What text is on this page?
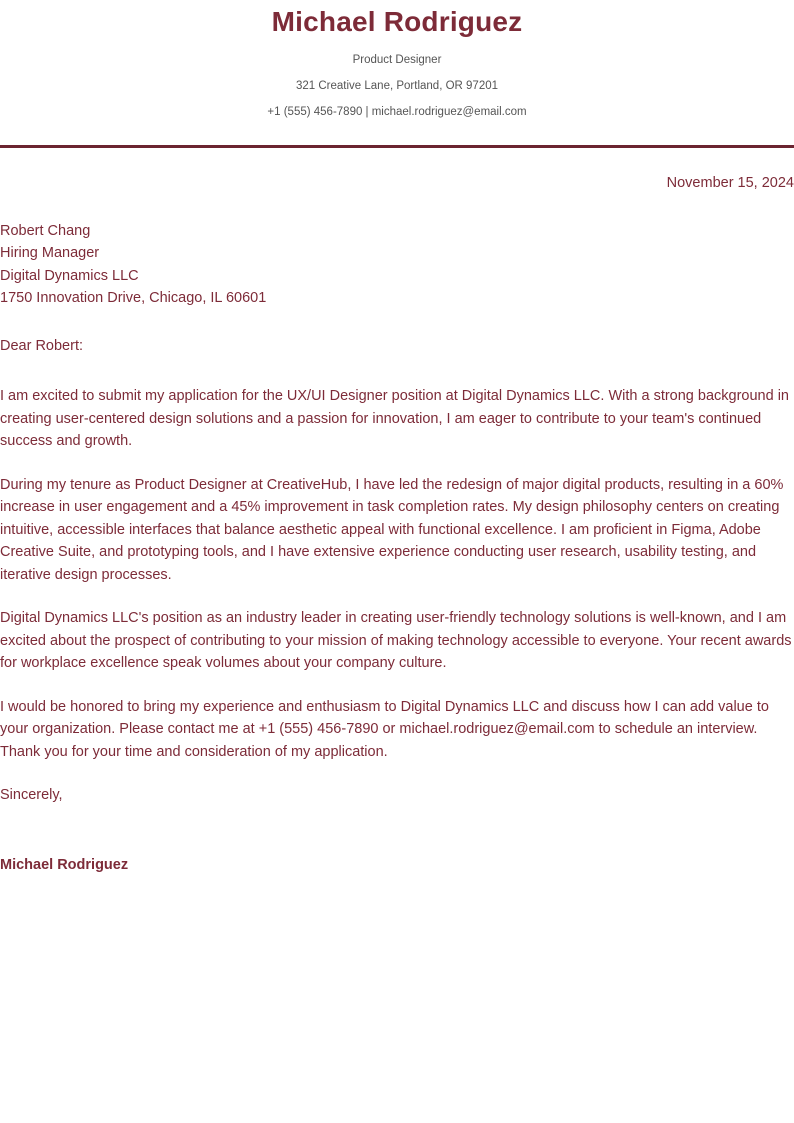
Michael Rodriguez

Product Designer

321 Creative Lane, Portland, OR 97201

+1 (555) 456-7890 | michael.rodriguez@email.com

November 15, 2024

Robert Chang

Hiring Manager

Digital Dynamics LLC

1750 Innovation Drive, Chicago, IL 60601

Dear Robert:

I am excited to submit my application for the UX/UI Designer position at Digital Dynamics LLC. With a strong background in creating user-centered design solutions and a passion for innovation, I am eager to contribute to your team's continued success and growth.

During my tenure as Product Designer at CreativeHub, I have led the redesign of major digital products, resulting in a 60% increase in user engagement and a 45% improvement in task completion rates. My design philosophy centers on creating intuitive, accessible interfaces that balance aesthetic appeal with functional excellence. I am proficient in Figma, Adobe Creative Suite, and prototyping tools, and I have extensive experience conducting user research, usability testing, and iterative design processes.

Digital Dynamics LLC's position as an industry leader in creating user-friendly technology solutions is well-known, and I am excited about the prospect of contributing to your mission of making technology accessible to everyone. Your recent awards for workplace excellence speak volumes about your company culture.

I would be honored to bring my experience and enthusiasm to Digital Dynamics LLC and discuss how I can add value to your organization. Please contact me at +1 (555) 456-7890 or michael.rodriguez@email.com to schedule an interview. Thank you for your time and consideration of my application.

Sincerely,

Michael Rodriguez
